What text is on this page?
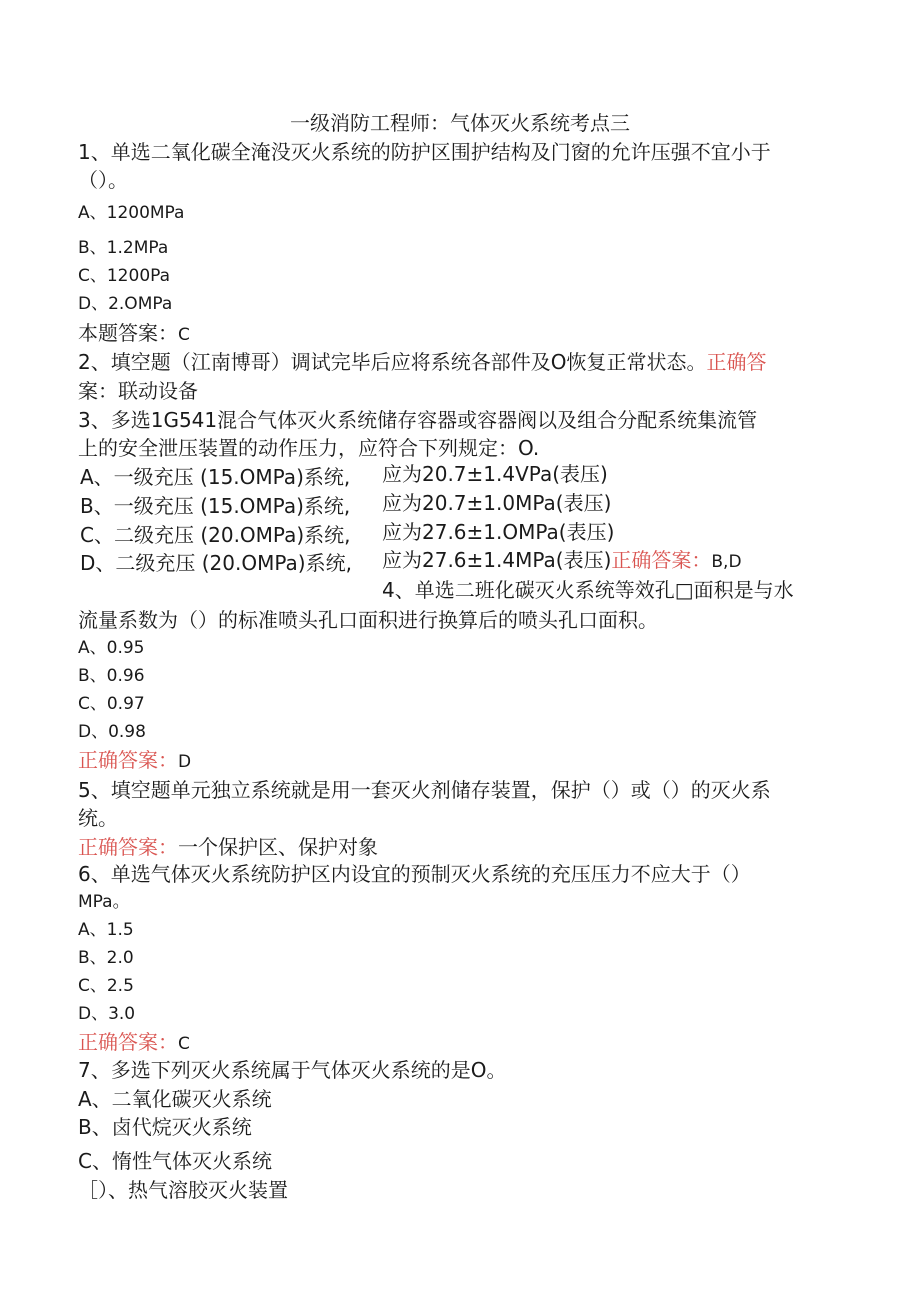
一级消防工程师：气体灭火系统考点三
1、单选二氧化碳全淹没灭火系统的防护区围护结构及门窗的允许压强不宜小于
（）。
A、1200MPa
B、1.2MPa
C、1200Pa
D、2.OMPa
本题答案：C
2、填空题（江南博哥）调试完毕后应将系统各部件及O恢复正常状态。正确答
案：联动设备
3、多选1G541混合气体灭火系统储存容器或容器阀以及组合分配系统集流管
上的安全泄压装置的动作压力，应符合下列规定：O.
A、一级充压 (15.OMPa)系统, 应为20.7±1.4VPa(表压)
B、一级充压 (15.OMPa)系统, 应为20.7±1.0MPa(表压)
C、二级充压 (20.OMPa)系统, 应为27.6±1.OMPa(表压)
D、二级充压 (20.OMPa)系统, 应为27.6±1.4MPa(表压)正确答案：B,D
4、单选二班化碳灭火系统等效孔□面积是与水
流量系数为（）的标准喷头孔口面积进行换算后的喷头孔口面积。
A、0.95
B、0.96
C、0.97
D、0.98
正确答案：D
5、填空题单元独立系统就是用一套灭火剂储存装置，保护（）或（）的灭火系
统。
正确答案：一个保护区、保护对象
6、单选气体灭火系统防护区内设宜的预制灭火系统的充压压力不应大于（）
MPa。
A、1.5
B、2.0
C、2.5
D、3.0
正确答案：C
7、多选下列灭火系统属于气体灭火系统的是O。
A、二氧化碳灭火系统
B、卤代烷灭火系统
C、惰性气体灭火系统
［）、热气溶胶灭火装置
